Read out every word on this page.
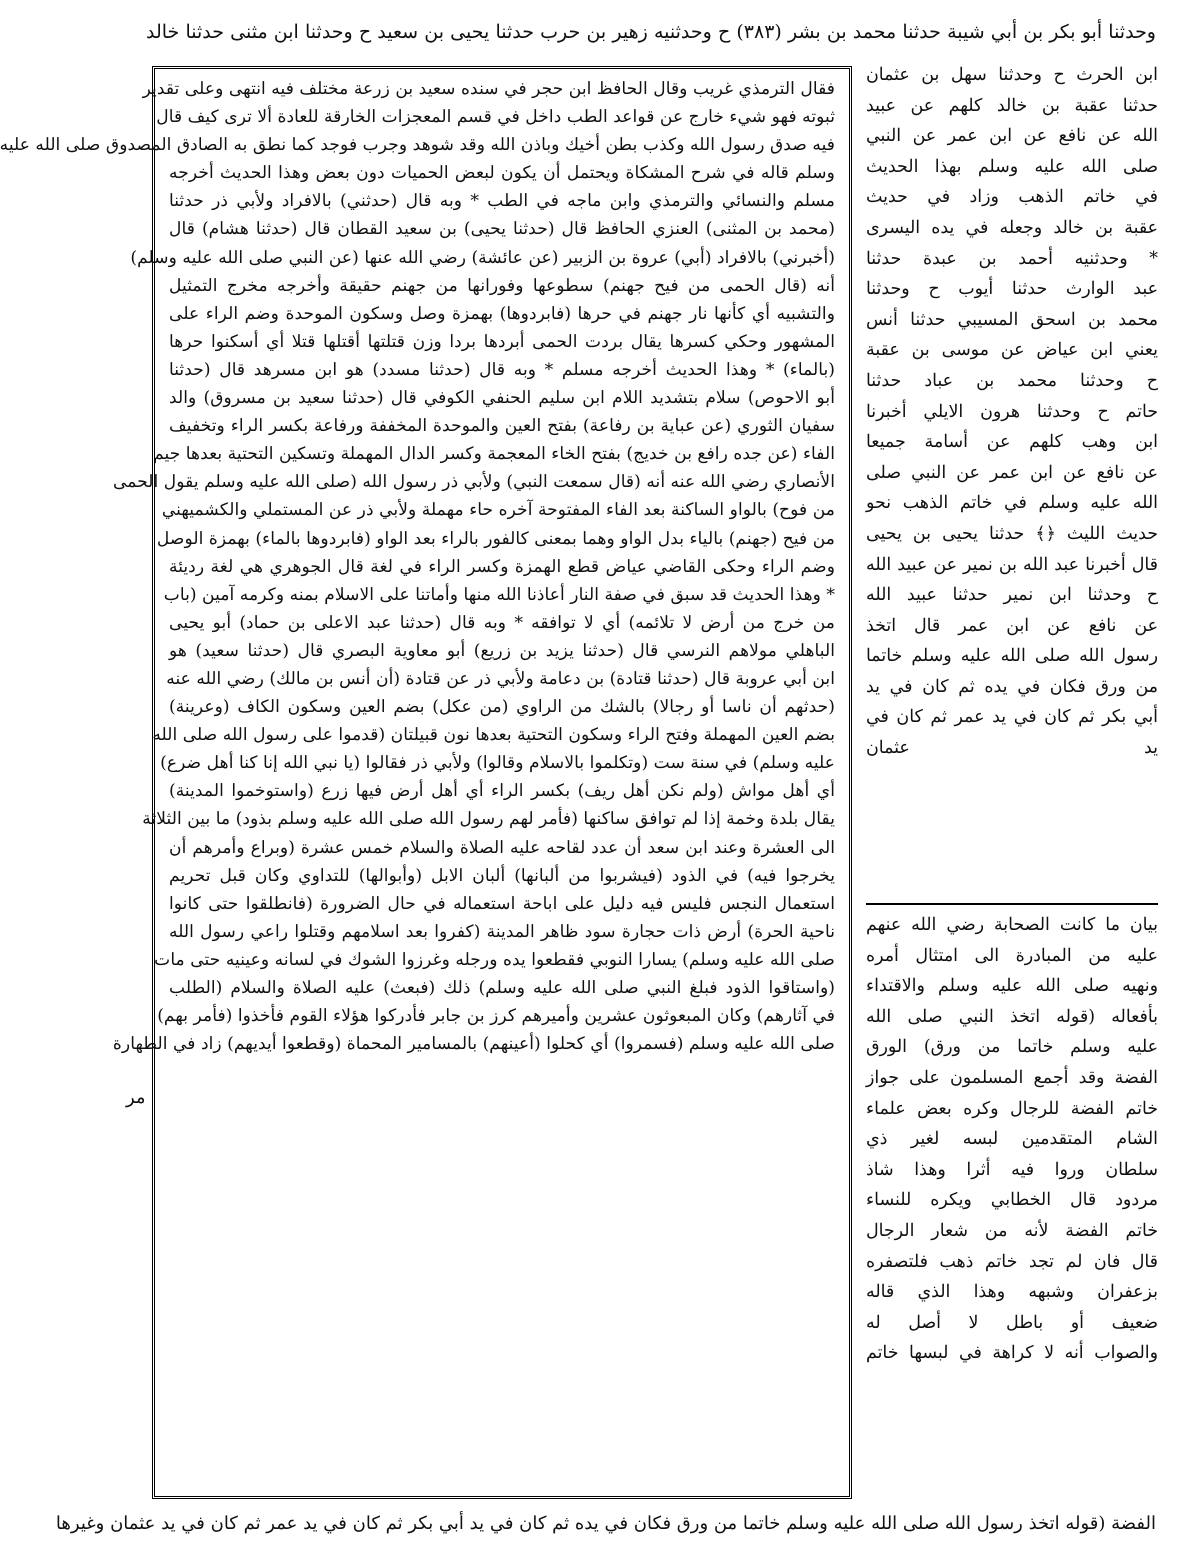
وحدثنا أبو بكر بن أبي شيبة حدثنا محمد بن بشر (٣٨٣) ح وحدثنيه زهير بن حرب حدثنا يحيى بن سعيد ح وحدثنا ابن مثنى حدثنا خالد
فقال الترمذي غريب وقال الحافظ ابن حجر في سنده سعيد بن زرعة مختلف فيه انتهى وعلى تقدير
ثبوته فهو شيء خارج عن قواعد الطب داخل في قسم المعجزات الخارقة للعادة ألا ترى كيف قال
فيه صدق رسول الله وكذب بطن أخيك وباذن الله وقد شوهد وجرب فوجد كما نطق به الصادق المصدوق صلى الله عليه
وسلم قاله في شرح المشكاة ويحتمل أن يكون لبعض الحميات دون بعض وهذا الحديث أخرجه
مسلم والنسائي والترمذي وابن ماجه في الطب * وبه قال (حدثني) بالافراد ولأبي ذر حدثنا
(محمد بن المثنى) العنزي الحافظ قال (حدثنا يحيى) بن سعيد القطان قال (حدثنا هشام) قال
(أخبرني) بالافراد (أبي) عروة بن الزبير (عن عائشة) رضي الله عنها (عن النبي صلى الله عليه وسلم)
أنه (قال الحمى من فيح جهنم) سطوعها وفورانها من جهنم حقيقة وأخرجه مخرج التمثيل
والتشبيه أي كأنها نار جهنم في حرها (فابردوها) بهمزة وصل وسكون الموحدة وضم الراء على
المشهور وحكي كسرها يقال بردت الحمى أبردها بردا وزن قتلتها أقتلها قتلا أي أسكنوا حرها
(بالماء) * وهذا الحديث أخرجه مسلم * وبه قال (حدثنا مسدد) هو ابن مسرهد قال (حدثنا
أبو الاحوص) سلام بتشديد اللام ابن سليم الحنفي الكوفي قال (حدثنا سعيد بن مسروق) والد
سفيان الثوري (عن عباية بن رفاعة) بفتح العين والموحدة المخففة ورفاعة بكسر الراء وتخفيف
الفاء (عن جده رافع بن خديج) بفتح الخاء المعجمة وكسر الدال المهملة وتسكين التحتية بعدها جيم
الأنصاري رضي الله عنه أنه (قال سمعت النبي) ولأبي ذر رسول الله (صلى الله عليه وسلم يقول الحمى
من فوح) بالواو الساكنة بعد الفاء المفتوحة آخره حاء مهملة ولأبي ذر عن المستملي والكشميهني
من فيح (جهنم) بالياء بدل الواو وهما بمعنى كالفور بالراء بعد الواو (فابردوها بالماء) بهمزة الوصل
وضم الراء وحكى القاضي عياض قطع الهمزة وكسر الراء في لغة قال الجوهري هي لغة رديئة
* وهذا الحديث قد سبق في صفة النار أعاذنا الله منها وأماتنا على الاسلام بمنه وكرمه آمين (باب
من خرج من أرض لا تلائمه) أي لا توافقه * وبه قال (حدثنا عبد الاعلى بن حماد) أبو يحيى
الباهلي مولاهم النرسي قال (حدثنا يزيد بن زريع) أبو معاوية البصري قال (حدثنا سعيد) هو
ابن أبي عروبة قال (حدثنا قتادة) بن دعامة ولأبي ذر عن قتادة (أن أنس بن مالك) رضي الله عنه
(حدثهم أن ناسا أو رجالا) بالشك من الراوي (من عكل) بضم العين وسكون الكاف (وعرينة)
بضم العين المهملة وفتح الراء وسكون التحتية بعدها نون قبيلتان (قدموا على رسول الله صلى الله
عليه وسلم) في سنة ست (وتكلموا بالاسلام وقالوا) ولأبي ذر فقالوا (يا نبي الله إنا كنا أهل ضرع)
أي أهل مواش (ولم نكن أهل ريف) بكسر الراء أي أهل أرض فيها زرع (واستوخموا المدينة)
يقال بلدة وخمة إذا لم توافق ساكنها (فأمر لهم رسول الله صلى الله عليه وسلم بذود) ما بين الثلاثة
الى العشرة وعند ابن سعد أن عدد لقاحه عليه الصلاة والسلام خمس عشرة (وبراع وأمرهم أن
يخرجوا فيه) في الذود (فيشربوا من ألبانها) ألبان الابل (وأبوالها) للتداوي وكان قبل تحريم
استعمال النجس فليس فيه دليل على اباحة استعماله في حال الضرورة (فانطلقوا حتى كانوا
ناحية الحرة) أرض ذات حجارة سود ظاهر المدينة (كفروا بعد اسلامهم وقتلوا راعي رسول الله
صلى الله عليه وسلم) يسارا النوبي فقطعوا يده ورجله وغرزوا الشوك في لسانه وعينيه حتى مات
(واستاقوا الذود فبلغ النبي صلى الله عليه وسلم) ذلك (فبعث) عليه الصلاة والسلام (الطلب
في آثارهم) وكان المبعوثون عشرين وأميرهم كرز بن جابر فأدركوا هؤلاء القوم فأخذوا (فأمر بهم)
صلى الله عليه وسلم (فسمروا) أي كحلوا (أعينهم) بالمسامير المحماة (وقطعوا أيديهم) زاد في الطهارة
ابن الحرث ح وحدثنا سهل بن عثمان
حدثنا عقبة بن خالد كلهم عن عبيد
الله عن نافع عن ابن عمر عن النبي
صلى الله عليه وسلم بهذا الحديث
في خاتم الذهب وزاد في حديث
عقبة بن خالد وجعله في يده اليسرى
* وحدثنيه أحمد بن عبدة حدثنا
عبد الوارث حدثنا أيوب ح وحدثنا
محمد بن اسحق المسيبي حدثنا أنس
يعني ابن عياض عن موسى بن عقبة
ح وحدثنا محمد بن عباد حدثنا
حاتم ح وحدثنا هرون الايلي أخبرنا
ابن وهب كلهم عن أسامة جميعا
عن نافع عن ابن عمر عن النبي صلى
الله عليه وسلم في خاتم الذهب نحو
حديث الليث ﴿﴾ حدثنا يحيى بن يحيى
قال أخبرنا عبد الله بن نمير عن عبيد الله
ح وحدثنا ابن نمير حدثنا عبيد الله
عن نافع عن ابن عمر قال اتخذ
رسول الله صلى الله عليه وسلم خاتما
من ورق فكان في يده ثم كان في يد
أبي بكر ثم كان في يد عمر ثم كان في
يد عثمان
بيان ما كانت الصحابة رضي الله عنهم
عليه من المبادرة الى امتثال أمره
ونهيه صلى الله عليه وسلم والاقتداء
بأفعاله (قوله اتخذ النبي صلى الله
عليه وسلم خاتما من ورق) الورق
الفضة وقد أجمع المسلمون على جواز
خاتم الفضة للرجال وكره بعض علماء
الشام المتقدمين لبسه لغير ذي
سلطان وروا فيه أثرا وهذا شاذ
مردود قال الخطابي ويكره للنساء
خاتم الفضة لأنه من شعار الرجال
قال فان لم تجد خاتم ذهب فلتصفره
بزعفران وشبهه وهذا الذي قاله
ضعيف أو باطل لا أصل له
والصواب أنه لا كراهة في لبسها خاتم
الفضة (قوله اتخذ رسول الله صلى الله عليه وسلم خاتما من ورق فكان في يده ثم كان في يد أبي بكر ثم كان في يد عمر ثم كان في يد عثمان وغيرها
مر
